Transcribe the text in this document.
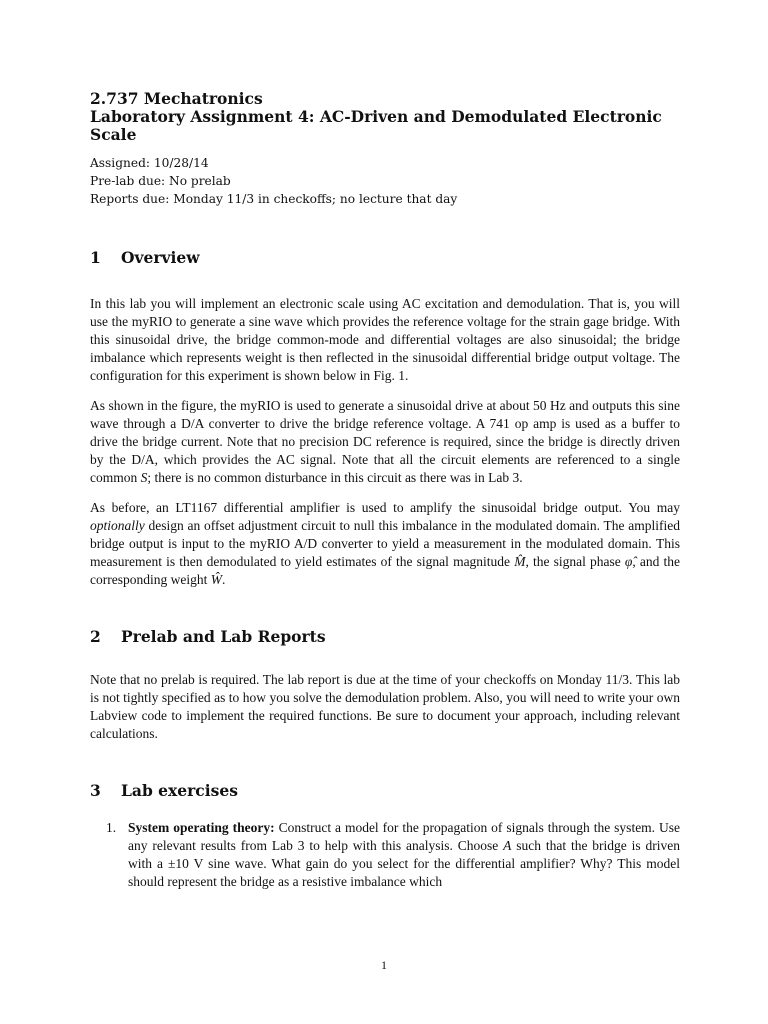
2.737 Mechatronics
Laboratory Assignment 4: AC-Driven and Demodulated Electronic Scale
Assigned: 10/28/14
Pre-lab due: No prelab
Reports due: Monday 11/3 in checkoffs; no lecture that day
1	Overview

In this lab you will implement an electronic scale using AC excitation and demodulation. That is, you will use the myRIO to generate a sine wave which provides the reference voltage for the strain gage bridge. With this sinusoidal drive, the bridge common-mode and differential voltages are also sinusoidal; the bridge imbalance which represents weight is then reflected in the sinusoidal differential bridge output voltage. The configuration for this experiment is shown below in Fig. 1.

As shown in the figure, the myRIO is used to generate a sinusoidal drive at about 50 Hz and outputs this sine wave through a D/A converter to drive the bridge reference voltage. A 741 op amp is used as a buffer to drive the bridge current. Note that no precision DC reference is required, since the bridge is directly driven by the D/A, which provides the AC signal. Note that all the circuit elements are referenced to a single common S; there is no common disturbance in this circuit as there was in Lab 3.

As before, an LT1167 differential amplifier is used to amplify the sinusoidal bridge output. You may optionally design an offset adjustment circuit to null this imbalance in the modulated domain. The amplified bridge output is input to the myRIO A/D converter to yield a measurement in the modulated domain. This measurement is then demodulated to yield estimates of the signal magnitude M̂, the signal phase φ̂, and the corresponding weight Ŵ.

2	Prelab and Lab Reports

Note that no prelab is required. The lab report is due at the time of your checkoffs on Monday 11/3. This lab is not tightly specified as to how you solve the demodulation problem. Also, you will need to write your own Labview code to implement the required functions. Be sure to document your approach, including relevant calculations.

3	Lab exercises
1. System operating theory: Construct a model for the propagation of signals through the system. Use any relevant results from Lab 3 to help with this analysis. Choose A such that the bridge is driven with a ±10 V sine wave. What gain do you select for the differential amplifier? Why? This model should represent the bridge as a resistive imbalance which
1
